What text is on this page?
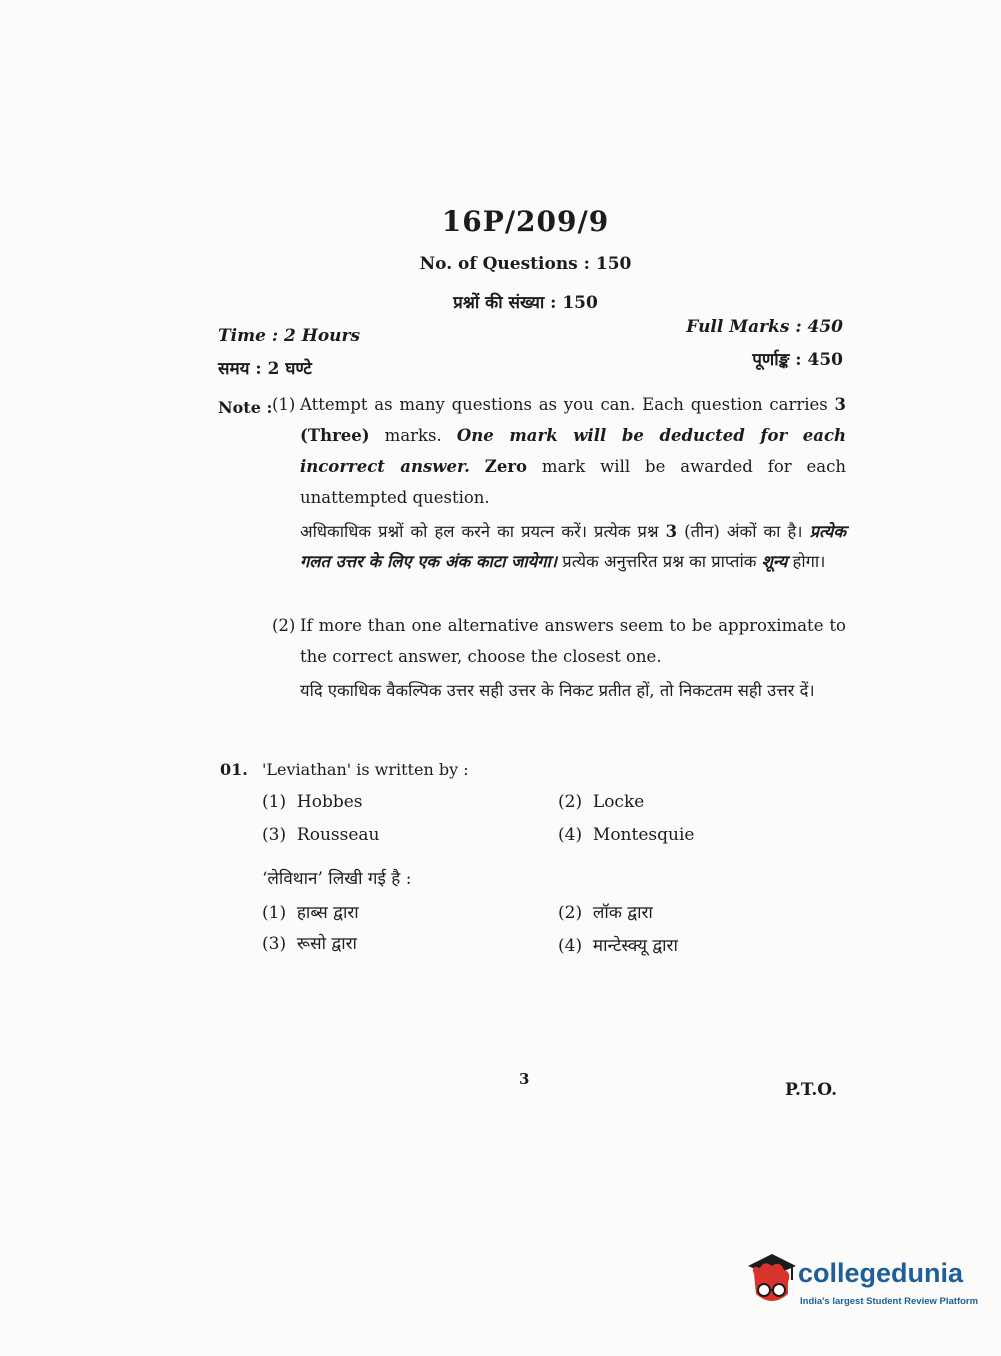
16P/209/9
No. of Questions : 150
प्रश्नों की संख्या : 150
Time : 2 Hours
समय : 2 घण्टे
Full Marks : 450
पूर्णाङ्क : 450
Note : (1) Attempt as many questions as you can. Each question carries 3 (Three) marks. One mark will be deducted for each incorrect answer. Zero mark will be awarded for each unattempted question.
अधिकाधिक प्रश्नों को हल करने का प्रयत्न करें। प्रत्येक प्रश्न 3 (तीन) अंकों का है। प्रत्येक गलत उत्तर के लिए एक अंक काटा जायेगा। प्रत्येक अनुत्तरित प्रश्न का प्राप्तांक शून्य होगा।
(2) If more than one alternative answers seem to be approximate to the correct answer, choose the closest one.
यदि एकाधिक वैकल्पिक उत्तर सही उत्तर के निकट प्रतीत हों, तो निकटतम सही उत्तर दें।
01. 'Leviathan' is written by :
(1) Hobbes	(2) Locke
(3) Rousseau	(4) Montesquie
‘लेविथान’ लिखी गई है :
(1) हाब्स द्वारा	(2) लॉक द्वारा
(3) रूसो द्वारा	(4) मान्टेस्क्यू द्वारा
3
P.T.O.
collegedunia
India's largest Student Review Platform
